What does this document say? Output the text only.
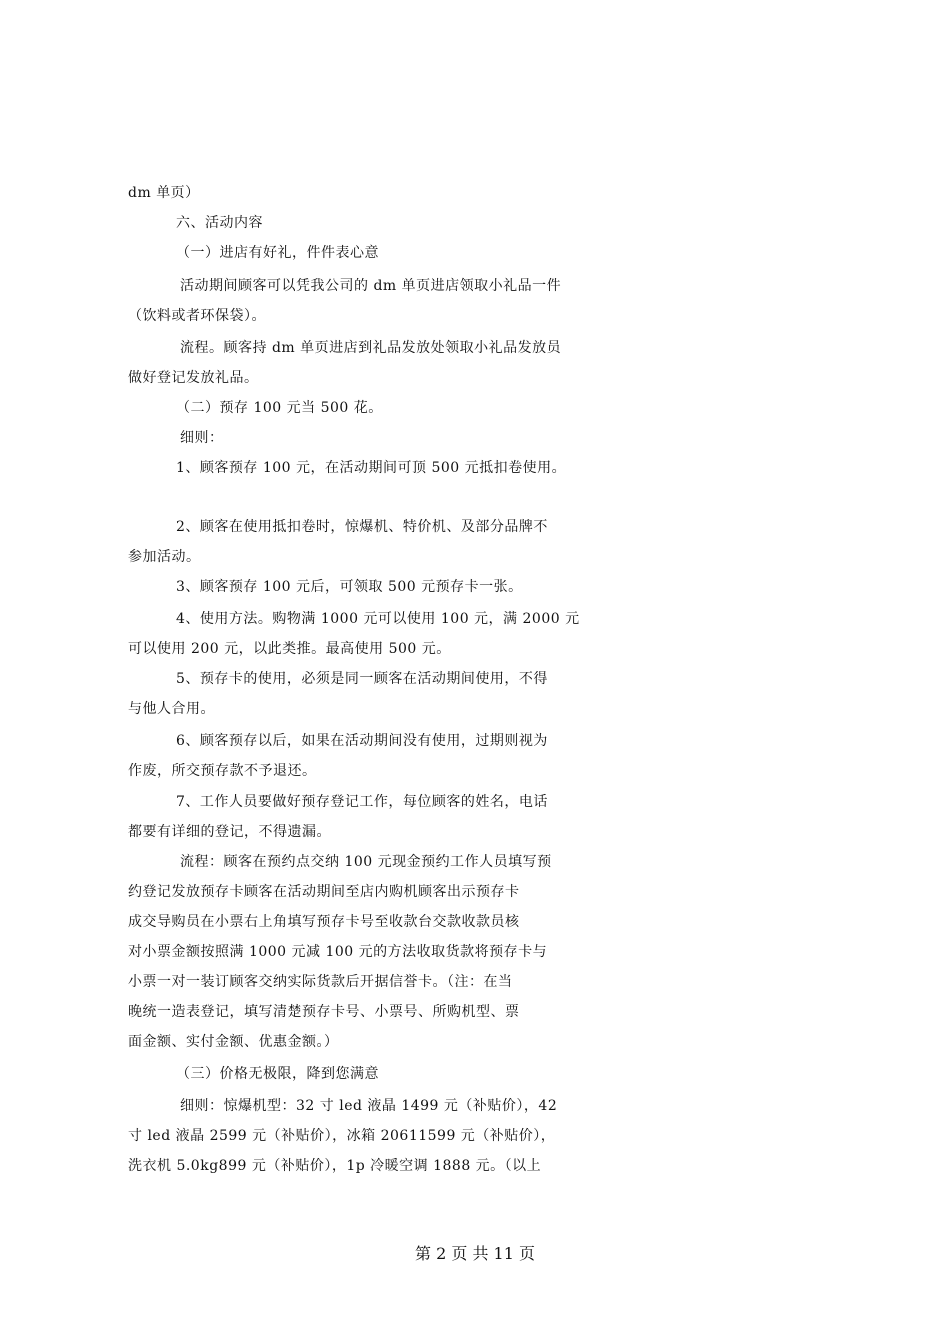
dm 单页）
六、活动内容
（一）进店有好礼，件件表心意
活动期间顾客可以凭我公司的 dm 单页进店领取小礼品一件
（饮料或者环保袋）。
流程。顾客持 dm 单页进店到礼品发放处领取小礼品发放员
做好登记发放礼品。
（二）预存 100 元当 500 花。
细则：
1、顾客预存 100 元，在活动期间可顶 500 元抵扣卷使用。
2、顾客在使用抵扣卷时，惊爆机、特价机、及部分品牌不
参加活动。
3、顾客预存 100 元后，可领取 500 元预存卡一张。
4、使用方法。购物满 1000 元可以使用 100 元，满 2000 元
可以使用 200 元，以此类推。最高使用 500 元。
5、预存卡的使用，必须是同一顾客在活动期间使用，不得
与他人合用。
6、顾客预存以后，如果在活动期间没有使用，过期则视为
作废，所交预存款不予退还。
7、工作人员要做好预存登记工作，每位顾客的姓名，电话
都要有详细的登记，不得遗漏。
流程：顾客在预约点交纳 100 元现金预约工作人员填写预
约登记发放预存卡顾客在活动期间至店内购机顾客出示预存卡
成交导购员在小票右上角填写预存卡号至收款台交款收款员核
对小票金额按照满 1000 元减 100 元的方法收取货款将预存卡与
小票一对一装订顾客交纳实际货款后开据信誉卡。（注：在当
晚统一造表登记，填写清楚预存卡号、小票号、所购机型、票
面金额、实付金额、优惠金额。）
（三）价格无极限，降到您满意
细则：惊爆机型：32 寸 led 液晶 1499 元（补贴价），42
寸 led 液晶 2599 元（补贴价），冰箱 20611599 元（补贴价），
洗衣机 5.0kg899 元（补贴价），1p 冷暖空调 1888 元。（以上
第 2 页 共 11 页
